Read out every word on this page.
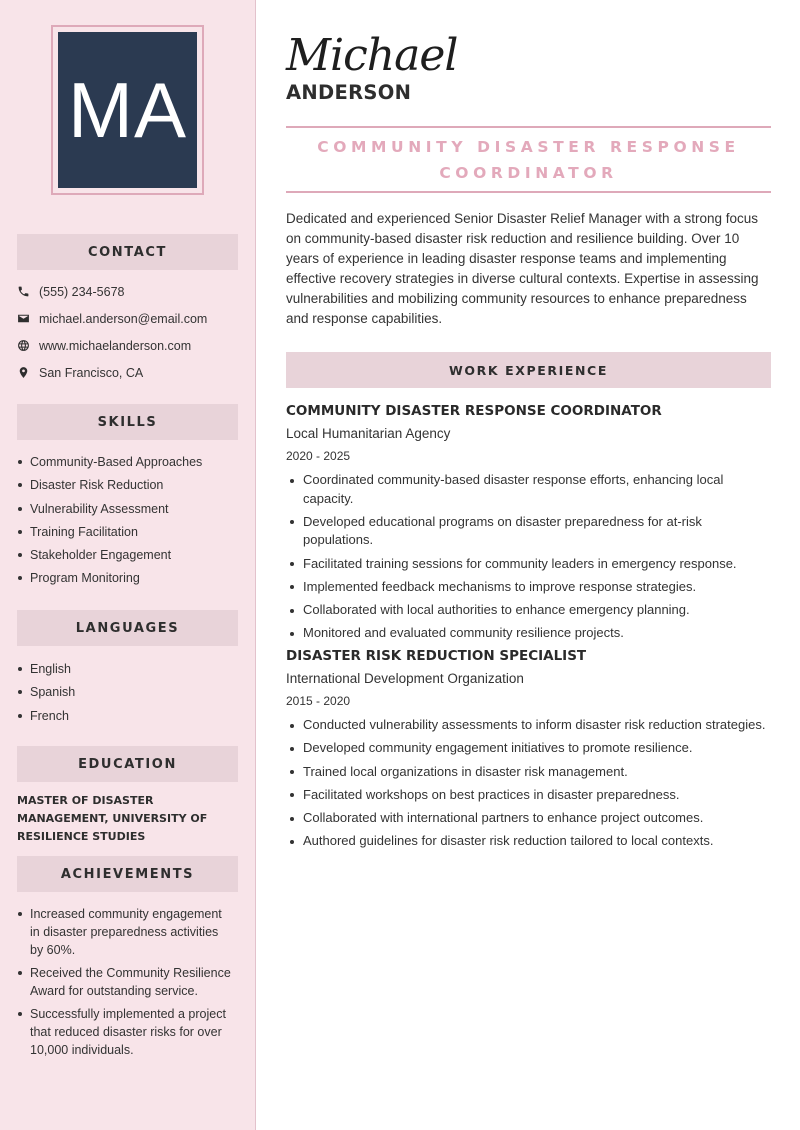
MA
CONTACT
(555) 234-5678
michael.anderson@email.com
www.michaelanderson.com
San Francisco, CA
SKILLS
Community-Based Approaches
Disaster Risk Reduction
Vulnerability Assessment
Training Facilitation
Stakeholder Engagement
Program Monitoring
LANGUAGES
English
Spanish
French
EDUCATION
MASTER OF DISASTER MANAGEMENT, UNIVERSITY OF RESILIENCE STUDIES
ACHIEVEMENTS
Increased community engagement in disaster preparedness activities by 60%.
Received the Community Resilience Award for outstanding service.
Successfully implemented a project that reduced disaster risks for over 10,000 individuals.
Michael
ANDERSON
COMMUNITY DISASTER RESPONSE COORDINATOR

Dedicated and experienced Senior Disaster Relief Manager with a strong focus on community-based disaster risk reduction and resilience building. Over 10 years of experience in leading disaster response teams and implementing effective recovery strategies in diverse cultural contexts. Expertise in assessing vulnerabilities and mobilizing community resources to enhance preparedness and response capabilities.

WORK EXPERIENCE
COMMUNITY DISASTER RESPONSE COORDINATOR
Local Humanitarian Agency
2020 - 2025
Coordinated community-based disaster response efforts, enhancing local capacity.
Developed educational programs on disaster preparedness for at-risk populations.
Facilitated training sessions for community leaders in emergency response.
Implemented feedback mechanisms to improve response strategies.
Collaborated with local authorities to enhance emergency planning.
Monitored and evaluated community resilience projects.
DISASTER RISK REDUCTION SPECIALIST
International Development Organization
2015 - 2020
Conducted vulnerability assessments to inform disaster risk reduction strategies.
Developed community engagement initiatives to promote resilience.
Trained local organizations in disaster risk management.
Facilitated workshops on best practices in disaster preparedness.
Collaborated with international partners to enhance project outcomes.
Authored guidelines for disaster risk reduction tailored to local contexts.
